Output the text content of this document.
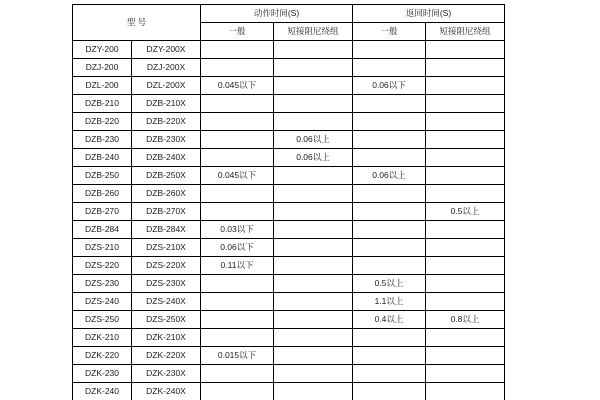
型 号		动作时间(S)		返回时间(S)	
		一般	短接阻尼绕组	一般	短接阻尼绕组
DZY-200	DZY-200X				
DZJ-200	DZJ-200X				
DZL-200	DZL-200X	0.045以下		0.06以下	
DZB-210	DZB-210X				
DZB-220	DZB-220X				
DZB-230	DZB-230X		0.06以上		
DZB-240	DZB-240X		0.06以上		
DZB-250	DZB-250X	0.045以下		0.06以上	
DZB-260	DZB-260X				
DZB-270	DZB-270X				0.5以上
DZB-284	DZB-284X	0.03以下			
DZS-210	DZS-210X	0.06以下			
DZS-220	DZS-220X	0.11以下			
DZS-230	DZS-230X			0.5以上	
DZS-240	DZS-240X			1.1以上	
DZS-250	DZS-250X			0.4以上	0.8以上
DZK-210	DZK-210X				
DZK-220	DZK-220X	0.015以下			
DZK-230	DZK-230X				
DZK-240	DZK-240X				
